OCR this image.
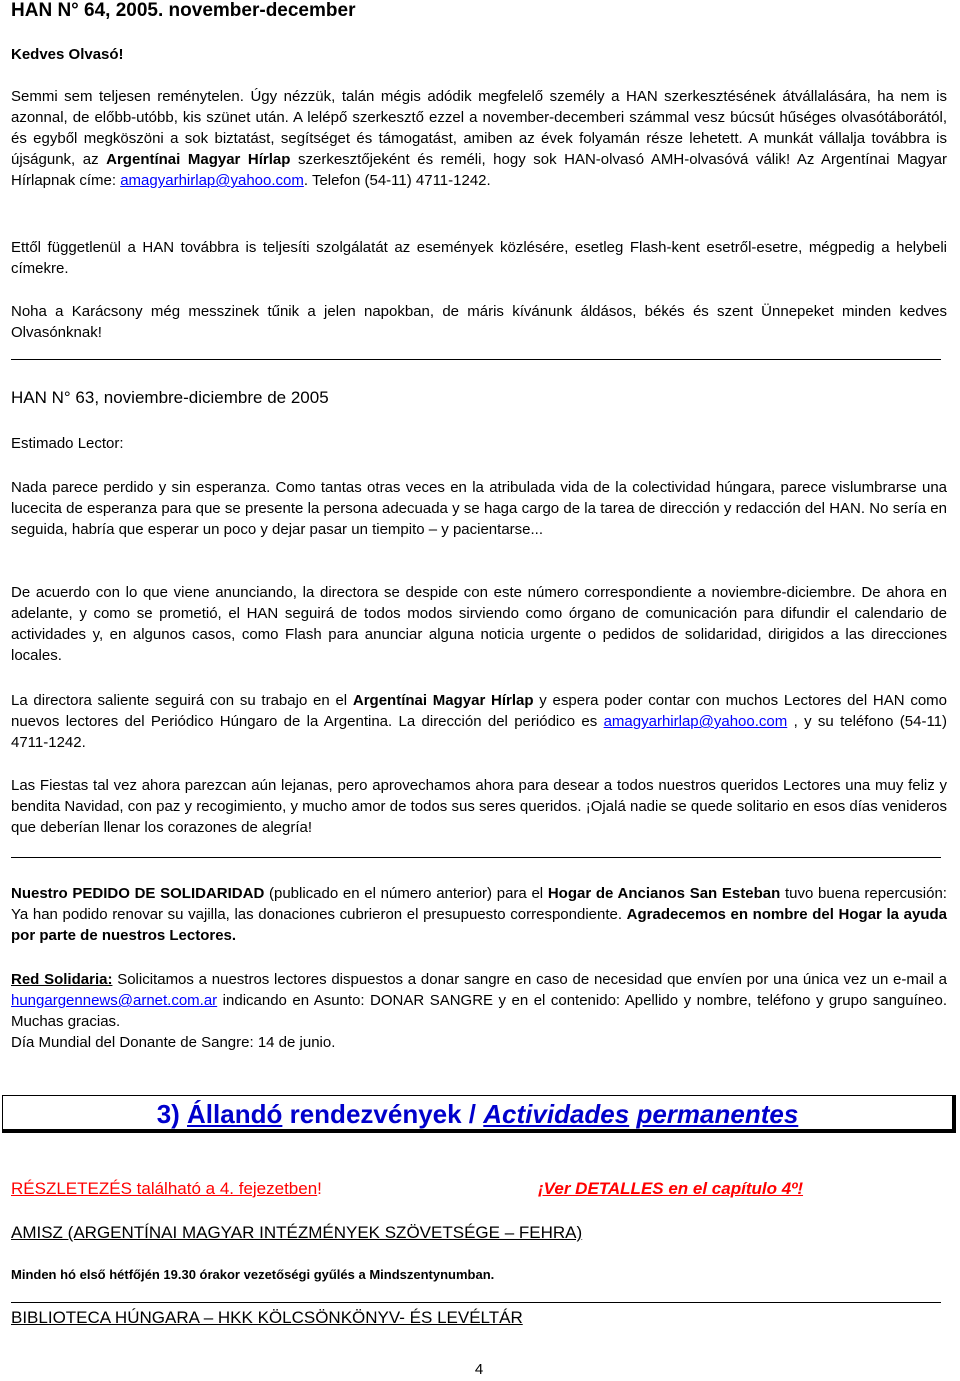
HAN N° 64, 2005. november-december
Kedves Olvasó!

Semmi sem teljesen reménytelen. Úgy nézzük, talán mégis adódik megfelelő személy a HAN szerkesztésének átvállalására, ha nem is azonnal, de előbb-utóbb, kis szünet után. A lelépő szerkesztő ezzel a november-decemberi számmal vesz búcsút hűséges olvasótáborától, és egyből megköszöni a sok biztatást, segítséget és támogatást, amiben az évek folyamán része lehetett. A munkát vállalja továbbra is újságunk, az Argentínai Magyar Hírlap szerkesztőjeként és reméli, hogy sok HAN-olvasó AMH-olvasóvá válik! Az Argentínai Magyar Hírlapnak címe: amagyarhirlap@yahoo.com. Telefon (54-11) 4711-1242.

Ettől függetlenül a HAN továbbra is teljesíti szolgálatát az események közlésére, esetleg Flash-kent esetről-esetre, mégpedig a helybeli címekre.

Noha a Karácsony még messzinek tűnik a jelen napokban, de máris kívánunk áldásos, békés és szent Ünnepeket minden kedves Olvasónknak!

HAN N° 63, noviembre-diciembre de 2005
Estimado Lector:

Nada parece perdido y sin esperanza. Como tantas otras veces en la atribulada vida de la colectividad húngara, parece vislumbrarse una lucecita de esperanza para que se presente la persona adecuada y se haga cargo de la tarea de dirección y redacción del HAN. No sería en seguida, habría que esperar un poco y dejar pasar un tiempito – y pacientarse...

De acuerdo con lo que viene anunciando, la directora se despide con este número correspondiente a noviembre-diciembre. De ahora en adelante, y como se prometió, el HAN seguirá de todos modos sirviendo como órgano de comunicación para difundir el calendario de actividades y, en algunos casos, como Flash para anunciar alguna noticia urgente o pedidos de solidaridad, dirigidos a las direcciones locales.

La directora saliente seguirá con su trabajo en el Argentínai Magyar Hírlap y espera poder contar con muchos Lectores del HAN como nuevos lectores del Periódico Húngaro de la Argentina. La dirección del periódico es amagyarhirlap@yahoo.com , y su teléfono (54-11) 4711-1242.

Las Fiestas tal vez ahora parezcan aún lejanas, pero aprovechamos ahora para desear a todos nuestros queridos Lectores una muy feliz y bendita Navidad, con paz y recogimiento, y mucho amor de todos sus seres queridos. ¡Ojalá nadie se quede solitario en esos días venideros que deberían llenar los corazones de alegría!

Nuestro PEDIDO DE SOLIDARIDAD (publicado en el número anterior) para el Hogar de Ancianos San Esteban tuvo buena repercusión: Ya han podido renovar su vajilla, las donaciones cubrieron el presupuesto correspondiente. Agradecemos en nombre del Hogar la ayuda por parte de nuestros Lectores.

Red Solidaria: Solicitamos a nuestros lectores dispuestos a donar sangre en caso de necesidad que envíen por una única vez un e-mail a hungargennews@arnet.com.ar indicando en Asunto: DONAR SANGRE y en el contenido: Apellido y nombre, teléfono y grupo sanguíneo. Muchas gracias.

Día Mundial del Donante de Sangre: 14 de junio.
3) Állandó rendezvények / Actividades permanentes
RÉSZLETEZÉS található a 4. fejezetben!	¡Ver DETALLES en el capítulo 4º!
AMISZ (ARGENTÍNAI MAGYAR INTÉZMÉNYEK SZÖVETSÉGE – FEHRA)
Minden hó első hétfőjén 19.30 órakor vezetőségi gyűlés a Mindszentynumban.
BIBLIOTECA HÚNGARA – HKK KÖLCSÖNKÖNYV- ÉS LEVÉLTÁR
4
